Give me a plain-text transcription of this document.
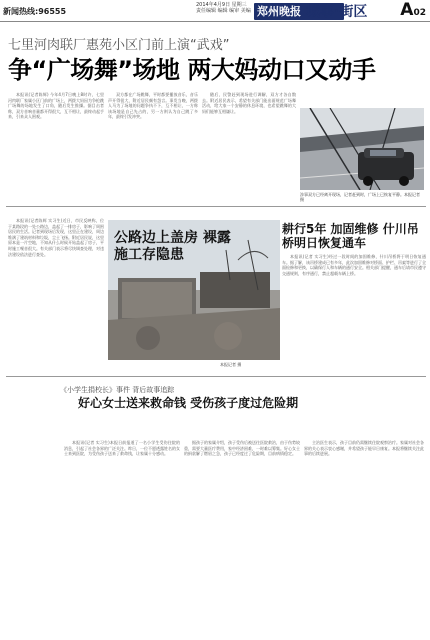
新闻热线:96555
2014年4月9日 星期三
责任编辑 编辑 编审 美编 郑州晚报 城事·街区 A02
七里河肉联厂惠苑小区门前上演“武戏”
争“广场舞”场地 两大妈动口又动手

本报讯(记者陈辉) 今年4月7日晚上8时许，七里河肉联厂家属小区门前的广场上，两拨大妈因为争抢跳广场舞的场地发生了口角，随后发生推搡。据目击者称，双方音响音量都开得很大，互不相让，最终动起手来，引来众人围观。

双方都在广场跳舞，平时都要播放音乐，音乐声开得很大，附近居民颇有怨言。事发当晚，两拨人马为了场地的问题争执不下，互不相让，一方称该场地是自己先占的，另一方则认为自己跳了多年，最终引发冲突。

随后，民警赶到现场进行调解，双方才各自散去。附近居民表示，希望有关部门能出面规范广场舞活动，给大家一个安静的休息环境，也希望跳舞的大妈们能够互相谦让。

涉事双方已经离开现场，记者赶到时，广场上已恢复平静。本报记者 摄

本报讯(记者陈辉 实习生)近日，市民反映称，位于某路段的一处公路边，盖起了一排房子，影响了周围居民的生活。记者到现场后发现，这里正在建设，周边堆满了建筑材料和垃圾，尘土飞扬。附近居民说，这里原本是一片空地，不知从什么时候开始盖起了房子，平时施工噪音很大。有关部门表示将尽快调查处理，对违法建设依法进行查处。

公路边上盖房 裸露施工存隐患
本报记者 摄
耕行5年 加固维修 什川吊桥明日恢复通车

本报讯(记者 实习生)经过一段时间的加固维修，什川吊桥将于明日恢复通车。据了解，该吊桥建成已有多年，此次加固维修对桥面、护栏、吊索等进行了全面检修和更换，以确保行人和车辆的通行安全。相关部门提醒，通车后请市民遵守交通规则，有序通行，禁止超载车辆上桥。

《小学生捐校长》事件 背后故事追踪
好心女士送来救命钱 受伤孩子度过危险期

本报讯(记者 实习生)本报日前报道了一名小学生受伤住院的消息，引起了社会各界的广泛关注。昨日，一位不愿透露姓名的女士来到医院，为受伤孩子送来了救命钱，让家属十分感动。

据孩子的家属介绍，孩子受伤后被送往医院救治，由于伤势较重，需要大量医疗费用，家中经济困难，一时难以筹集。好心女士的捐款解了燃眉之急，孩子已经度过了危险期，目前病情稳定。

主治医生表示，孩子目前仍需继续住院观察治疗。家属对社会各界的关心表示衷心感谢，并希望孩子能早日康复。本报将继续关注此事的后续进展。
